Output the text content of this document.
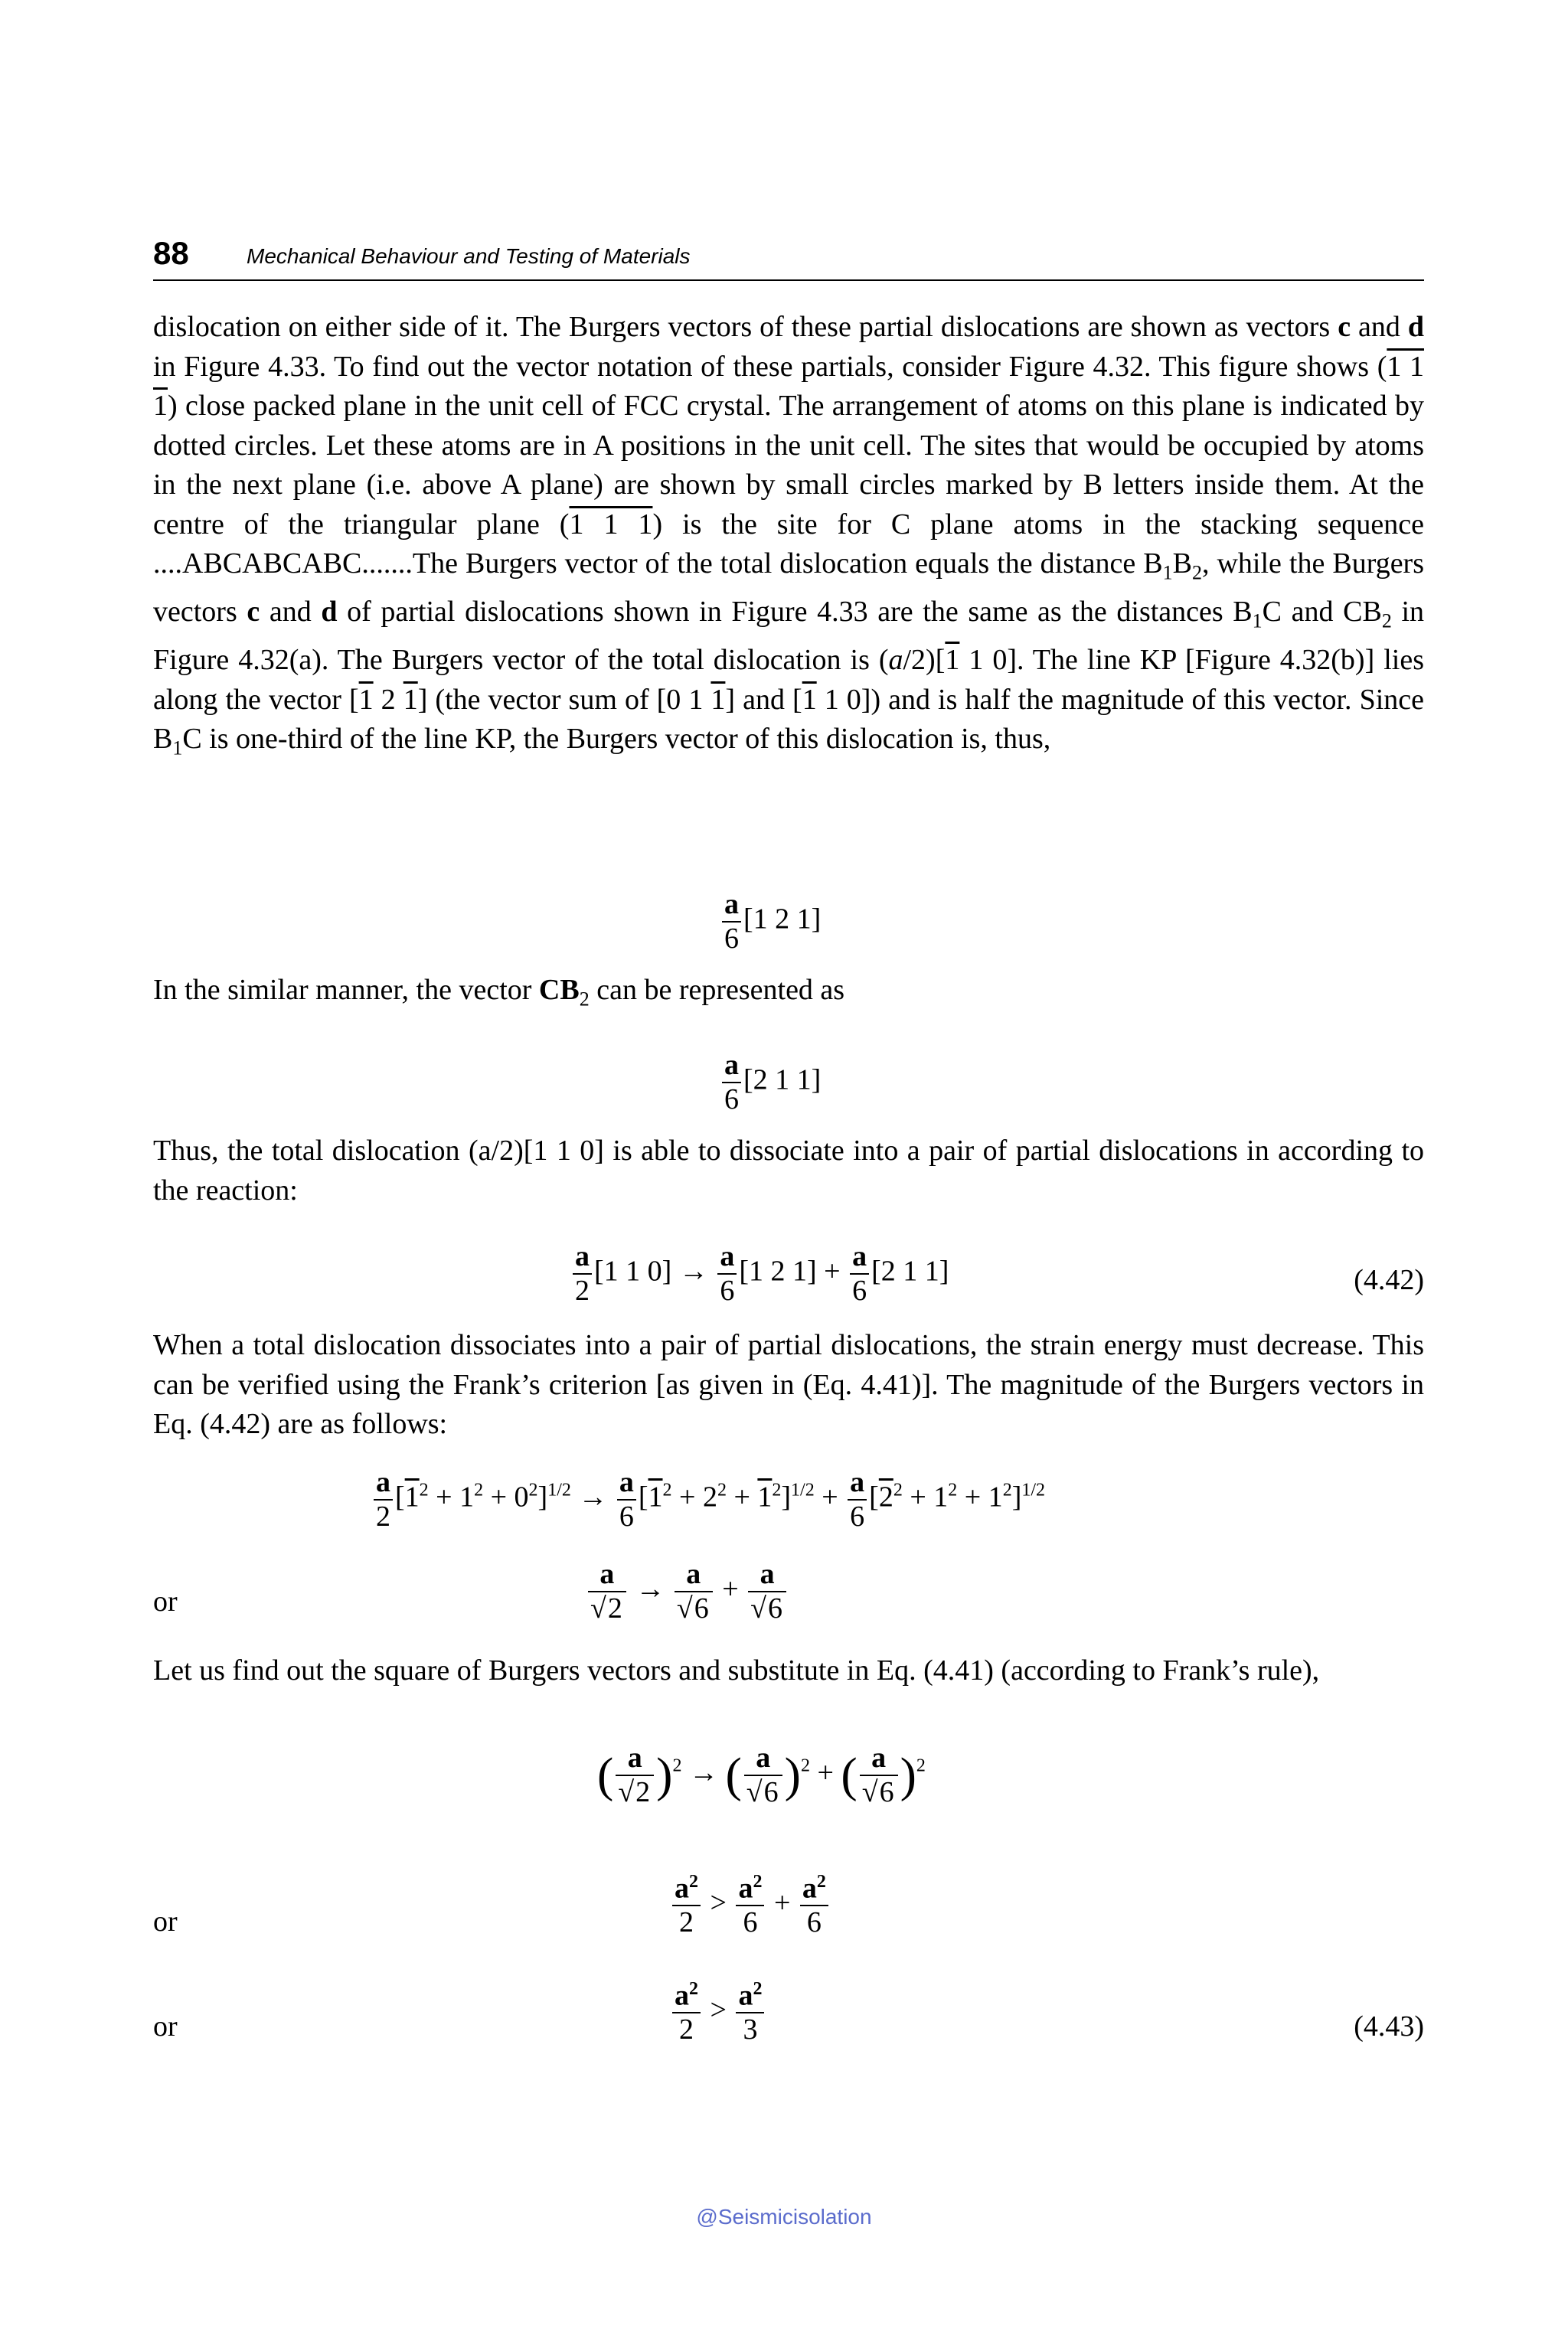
88	Mechanical Behaviour and Testing of Materials
dislocation on either side of it. The Burgers vectors of these partial dislocations are shown as vectors c and d in Figure 4.33. To find out the vector notation of these partials, consider Figure 4.32. This figure shows (1 1 1) close packed plane in the unit cell of FCC crystal. The arrangement of atoms on this plane is indicated by dotted circles. Let these atoms are in A positions in the unit cell. The sites that would be occupied by atoms in the next plane (i.e. above A plane) are shown by small circles marked by B letters inside them. At the centre of the triangular plane (1 1 1) is the site for C plane atoms in the stacking sequence ....ABCABCABC.......The Burgers vector of the total dislocation equals the distance $B_1B_2$, while the Burgers vectors c and d of partial dislocations shown in Figure 4.33 are the same as the distances $B_1C$ and $CB_2$ in Figure 4.32(a). The Burgers vector of the total dislocation is (a/2)[1 1 0]. The line KP [Figure 4.32(b)] lies along the vector [1 2 1] (the vector sum of [0 1 1] and [1 1 0]) and is half the magnitude of this vector. Since $B_1C$ is one-third of the line KP, the Burgers vector of this dislocation is, thus,
$\frac{a}{6} [1$ 2 1]
In the similar manner, the vector $CB_2$ can be represented as
$\frac{a}{6} [2$ 1 1]
Thus, the total dislocation (a/2)[1 1 0] is able to dissociate into a pair of partial dislocations in according to the reaction:
$\frac{a}{2} [1$ 1 $0] \to \frac{a}{6} [1$ 2 $1] + \frac{a}{6} [2$ 1 1]	(4.42)
When a total dislocation dissociates into a pair of partial dislocations, the strain energy must decrease. This can be verified using the Frank’s criterion [as given in (Eq. 4.41)]. The magnitude of the Burgers vectors in Eq. (4.42) are as follows:
$\frac{a}{2} [1^2 + 1^2 + 0^2]^{1/2} \to \frac{a}{6} [1^2 + 2^2 + 1^2]^{1/2} + \frac{a}{6} [2^2 + 1^2 + 1^2]^{1/2}$
or	$\frac{a}{√2} \to \frac{a}{√6} + \frac{a}{√6}$
Let us find out the square of Burgers vectors and substitute in Eq. (4.41) (according to Frank’s rule),
( $\frac{a}{√2} )^2$ → ( $\frac{a}{√6} )^2$ + ( $\frac{a}{√6} )^2$
or	$\frac{a^2}{2} > \frac{a^2}{6} + \frac{a^2}{6}$
or	$\frac{a^2}{2} > \frac{a^2}{3}$	(4.43)
@Seismicisolation
